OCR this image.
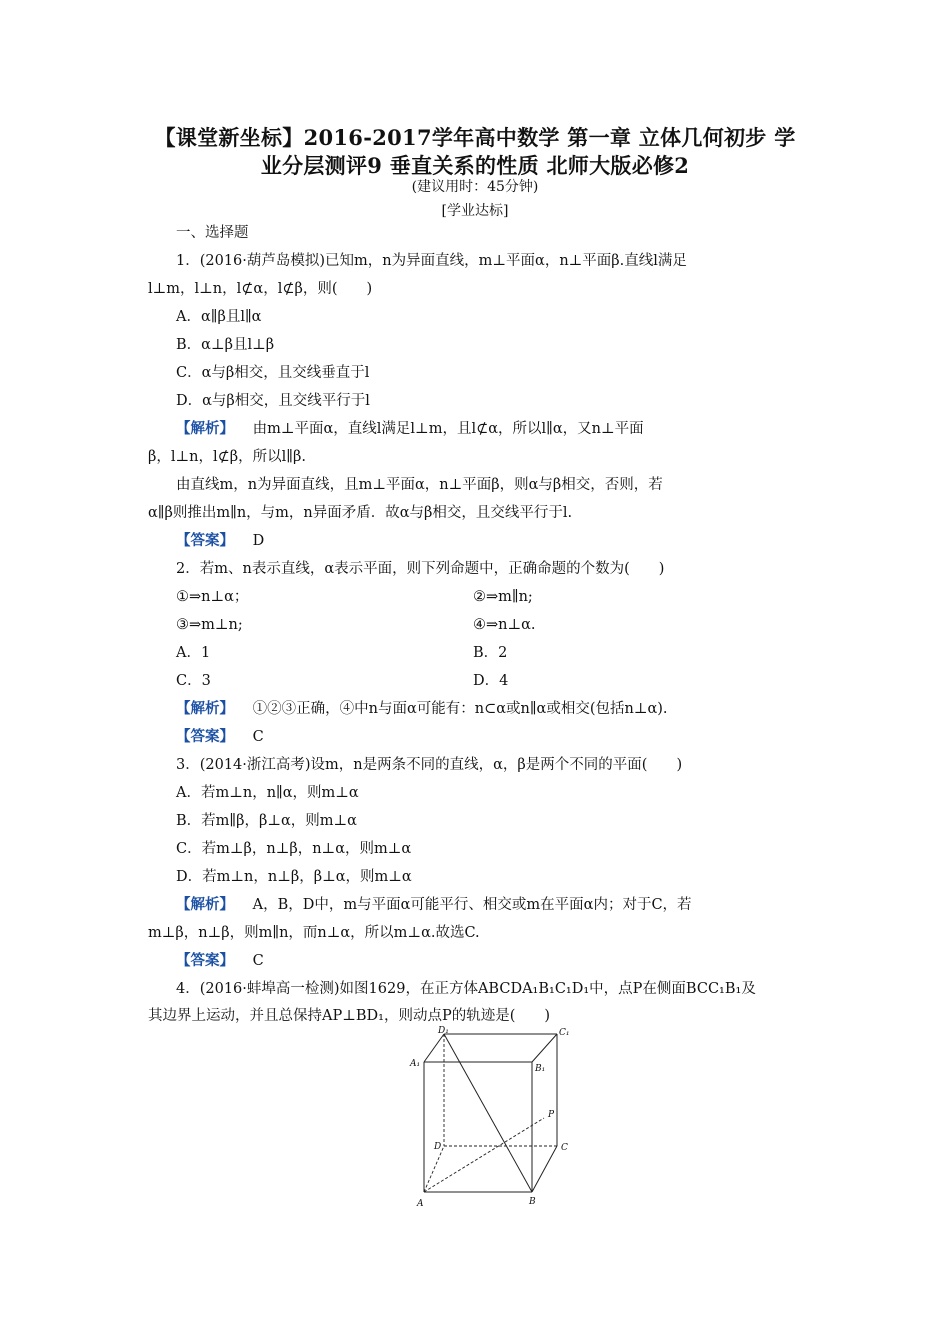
【课堂新坐标】2016-2017学年高中数学 第一章 立体几何初步 学
业分层测评9 垂直关系的性质 北师大版必修2
(建议用时：45分钟)
[学业达标]
一、选择题
1．(2016·葫芦岛模拟)已知m，n为异面直线，m⊥平面α，n⊥平面β.直线l满足
l⊥m，l⊥n，l⊄α，l⊄β，则(　　)
A．α∥β且l∥α
B．α⊥β且l⊥β
C．α与β相交，且交线垂直于l
D．α与β相交，且交线平行于l
【解析】 由m⊥平面α，直线l满足l⊥m，且l⊄α，所以l∥α，又n⊥平面
β，l⊥n，l⊄β，所以l∥β.
由直线m，n为异面直线，且m⊥平面α，n⊥平面β，则α与β相交，否则，若
α∥β则推出m∥n，与m，n异面矛盾．故α与β相交，且交线平行于l.
【答案】 D
2．若m、n表示直线，α表示平面，则下列命题中，正确命题的个数为(　　)
①⇒n⊥α；	②⇒m∥n;
③⇒m⊥n;	④⇒n⊥α.
A．1	B．2
C．3	D．4
【解析】 ①②③正确，④中n与面α可能有：n⊂α或n∥α或相交(包括n⊥α).
【答案】 C
3．(2014·浙江高考)设m，n是两条不同的直线，α，β是两个不同的平面(　　)
A．若m⊥n，n∥α，则m⊥α
B．若m∥β，β⊥α，则m⊥α
C．若m⊥β，n⊥β，n⊥α，则m⊥α
D．若m⊥n，n⊥β，β⊥α，则m⊥α
【解析】 A，B，D中，m与平面α可能平行、相交或m在平面α内；对于C，若
m⊥β，n⊥β，则m∥n，而n⊥α，所以m⊥α.故选C.
【答案】 C
4．(2016·蚌埠高一检测)如图1629，在正方体ABCDA₁B₁C₁D₁中，点P在侧面BCC₁B₁及
其边界上运动，并且总保持AP⊥BD₁，则动点P的轨迹是(　　)
D₁	C₁
A₁	B₁
P
D	C
A	B
